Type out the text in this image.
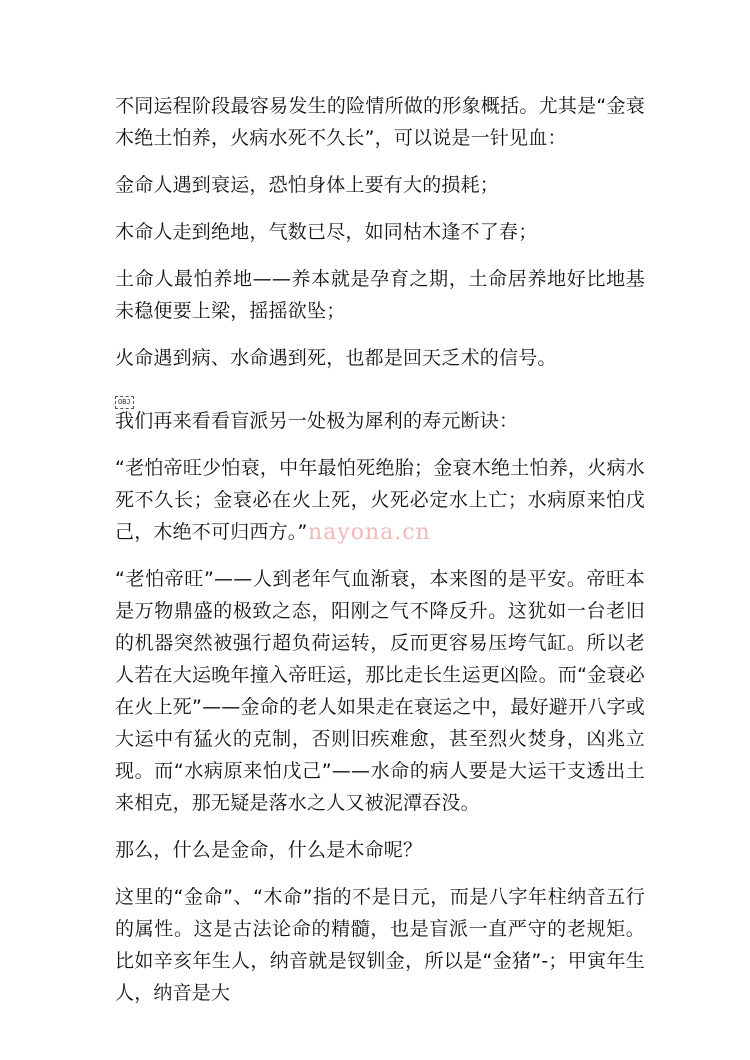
不同运程阶段最容易发生的险情所做的形象概括。尤其是“金衰木绝土怕养，火病水死不久长”，可以说是一针见血：

金命人遇到衰运，恐怕身体上要有大的损耗；

木命人走到绝地，气数已尽，如同枯木逢不了春；

土命人最怕养地——养本就是孕育之期，土命居养地好比地基未稳便要上梁，摇摇欲坠；

火命遇到病、水命遇到死，也都是回天乏术的信号。

OBJ

我们再来看看盲派另一处极为犀利的寿元断诀：

“老怕帝旺少怕衰，中年最怕死绝胎；金衰木绝土怕养，火病水死不久长；金衰必在火上死，火死必定水上亡；水病原来怕戊己，木绝不可归西方。”

“老怕帝旺”——人到老年气血渐衰，本来图的是平安。帝旺本是万物鼎盛的极致之态，阳刚之气不降反升。这犹如一台老旧的机器突然被强行超负荷运转，反而更容易压垮气缸。所以老人若在大运晚年撞入帝旺运，那比走长生运更凶险。而“金衰必在火上死”——金命的老人如果走在衰运之中，最好避开八字或大运中有猛火的克制，否则旧疾难愈，甚至烈火焚身，凶兆立现。而“水病原来怕戊己”——水命的病人要是大运干支透出土来相克，那无疑是落水之人又被泥潭吞没。

那么，什么是金命，什么是木命呢？

这里的“金命”、“木命”指的不是日元，而是八字年柱纳音五行的属性。这是古法论命的精髓，也是盲派一直严守的老规矩。比如辛亥年生人，纳音就是钗钏金，所以是“金猪”-；甲寅年生人，纳音是大

nayona.cn
